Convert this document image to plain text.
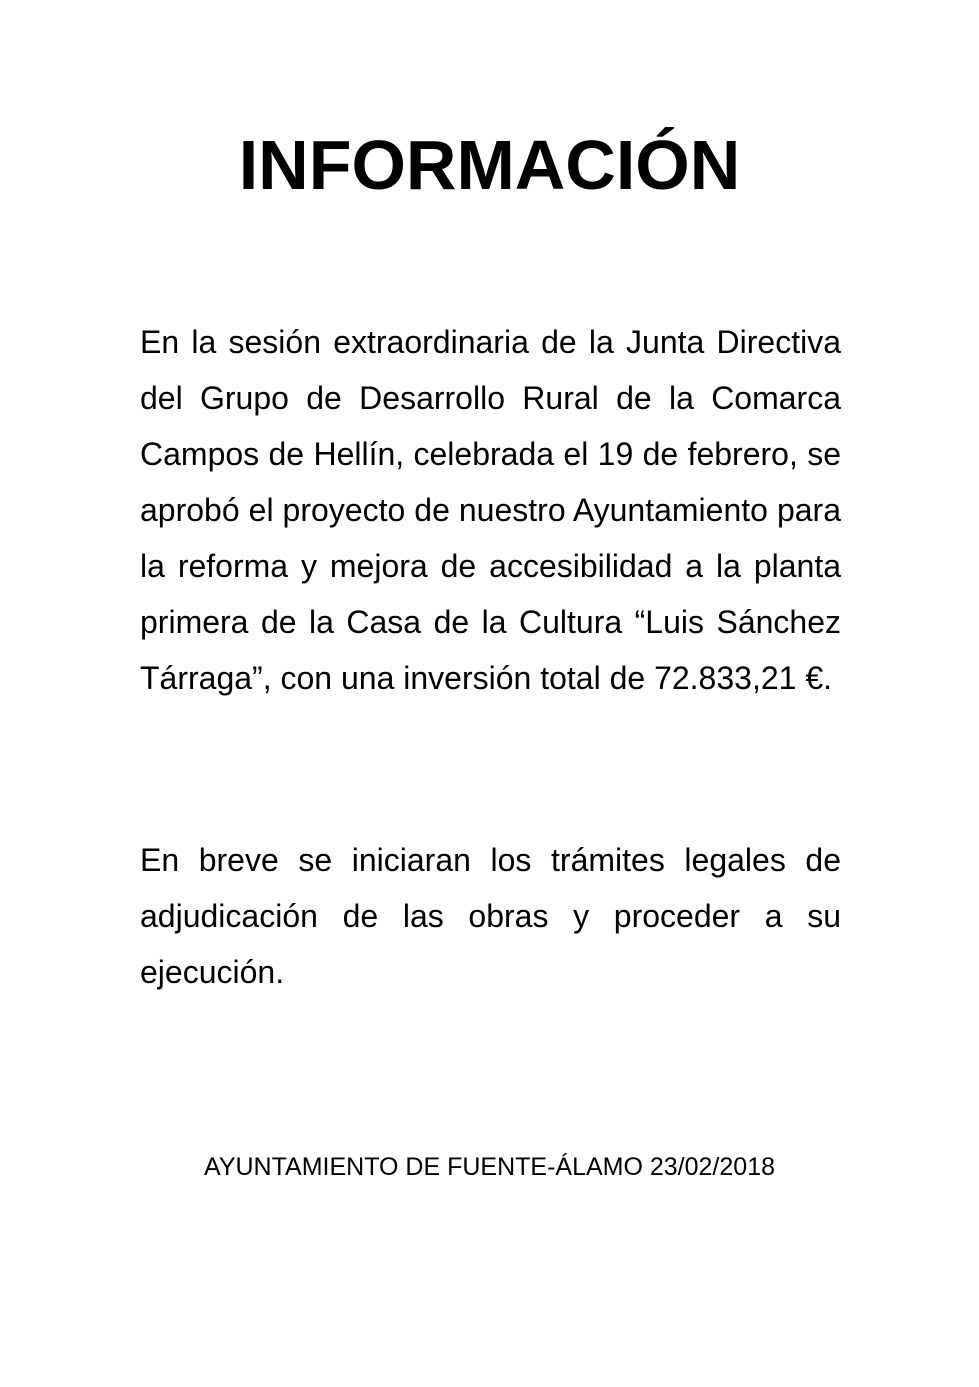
INFORMACIÓN

En la sesión extraordinaria de la Junta Directiva del Grupo de Desarrollo Rural de la Comarca Campos de Hellín, celebrada el 19 de febrero, se aprobó el proyecto de nuestro Ayuntamiento para la reforma y mejora de accesibilidad a la planta primera de la Casa de la Cultura “Luis Sánchez Tárraga”, con una inversión total de 72.833,21 €.

En breve se iniciaran los trámites legales de adjudicación de las obras y proceder a su ejecución.

AYUNTAMIENTO DE FUENTE-ÁLAMO 23/02/2018
